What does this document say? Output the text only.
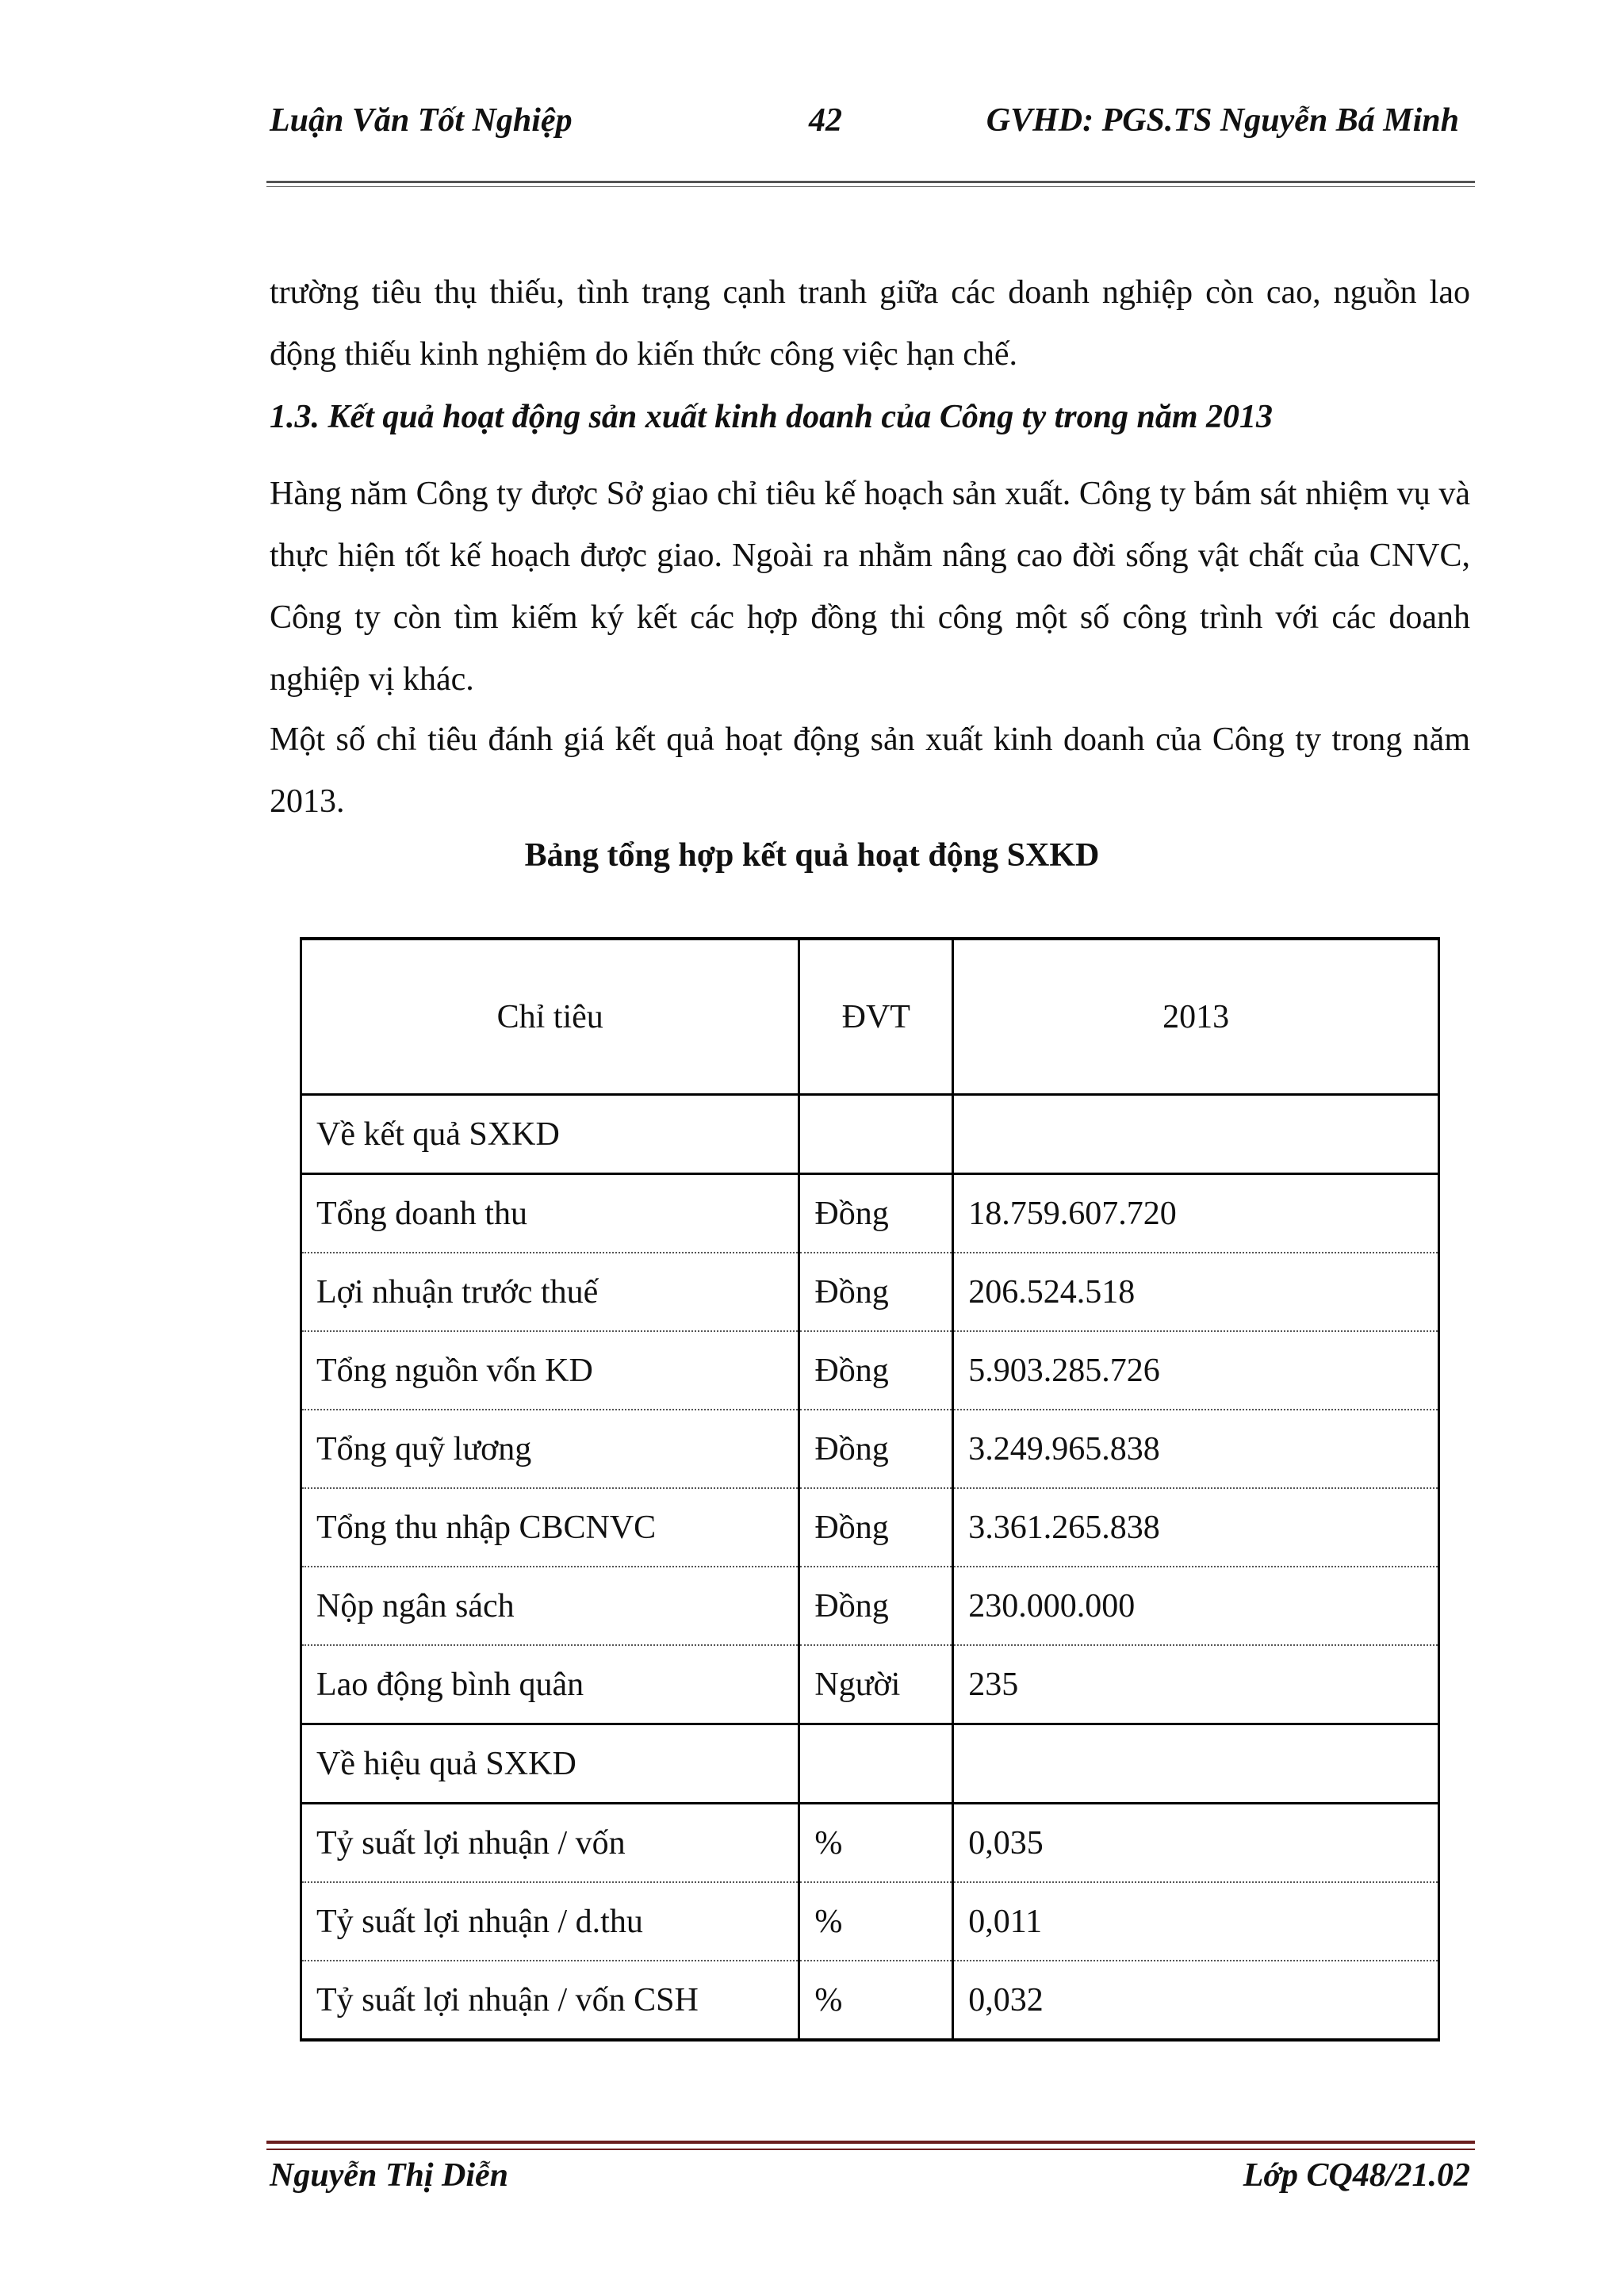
Luận Văn Tốt Nghiệp	42	GVHD: PGS.TS Nguyễn Bá Minh
trường tiêu thụ thiếu, tình trạng cạnh tranh giữa các doanh nghiệp còn cao, nguồn lao động thiếu kinh nghiệm do kiến thức công việc hạn chế.
1.3. Kết quả hoạt động sản xuất kinh doanh của Công ty trong năm 2013
Hàng năm Công ty được Sở giao chỉ tiêu kế hoạch sản xuất. Công ty bám sát nhiệm vụ và thực hiện tốt kế hoạch được giao. Ngoài ra nhằm nâng cao đời sống vật chất của CNVC, Công ty còn tìm kiếm ký kết các hợp đồng thi công một số công trình với các doanh nghiệp vị khác.
Một số chỉ tiêu đánh giá kết quả hoạt động sản xuất kinh doanh của Công ty trong năm 2013.
Bảng tổng hợp kết quả hoạt động SXKD
Chỉ tiêu	ĐVT	2013
Về kết quả SXKD		
Tổng doanh thu	Đồng	18.759.607.720
Lợi nhuận trước thuế	Đồng	206.524.518
Tổng nguồn vốn KD	Đồng	5.903.285.726
Tổng quỹ lương	Đồng	3.249.965.838
Tổng thu nhập CBCNVC	Đồng	3.361.265.838
Nộp ngân sách	Đồng	230.000.000
Lao động bình quân	Người	235
Về hiệu quả SXKD		
Tỷ suất lợi nhuận / vốn	%	0,035
Tỷ suất lợi nhuận / d.thu	%	0,011
Tỷ suất lợi nhuận / vốn CSH	%	0,032
Nguyễn Thị Diễn	Lớp CQ48/21.02
